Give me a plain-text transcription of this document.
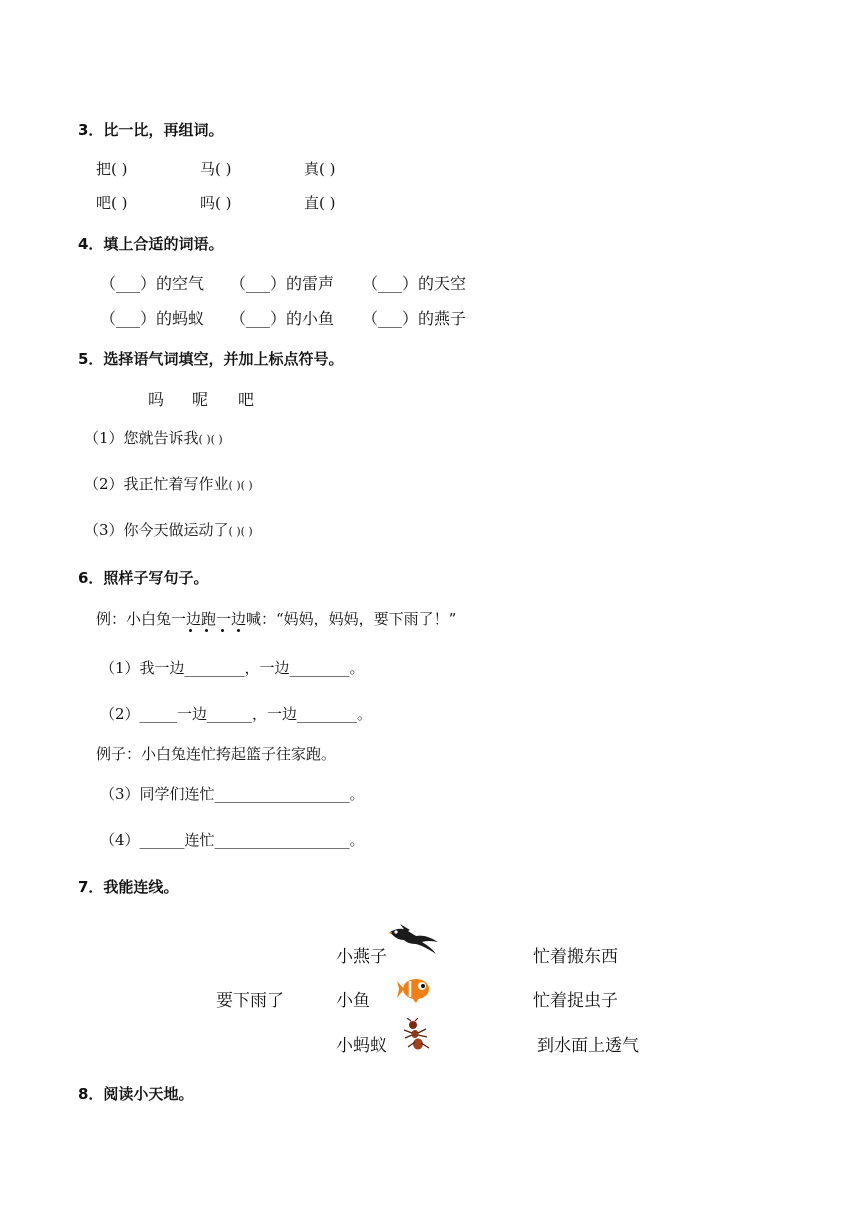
3．比一比，再组词。
把( )	马( )	真( )
吧( )	吗( )	直( )
4．填上合适的词语。
（___）的空气 （___）的雷声 （___）的天空
（___）的蚂蚁 （___）的小鱼 （___）的燕子
5．选择语气词填空，并加上标点符号。
吗 呢 吧
（1）您就告诉我( )( )
（2）我正忙着写作业( )( )
（3）你今天做运动了( )( )
6．照样子写句子。
例：小白兔一边跑一边喊：“妈妈，妈妈，要下雨了！”
（1）我一边________，一边________。
（2）_____一边______，一边________。
例子：小白兔连忙挎起篮子往家跑。
（3）同学们连忙__________________。
（4）______连忙__________________。
7．我能连线。
小燕子
小鱼
小蚂蚁
要下雨了
忙着搬东西
忙着捉虫子
到水面上透气
8．阅读小天地。
